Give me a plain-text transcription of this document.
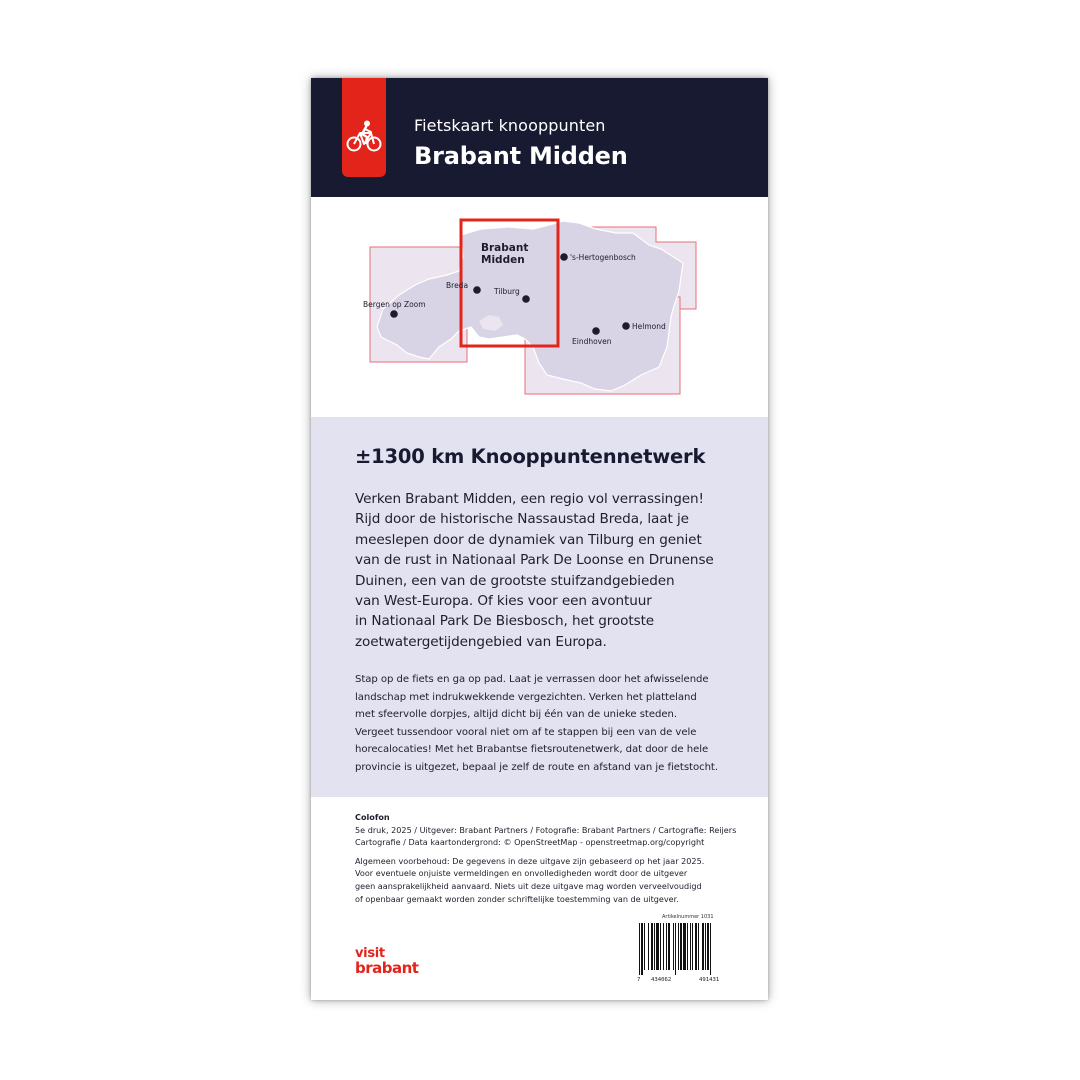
Fietskaart knooppunten
Brabant Midden
Brabant
Midden	's-Hertogenbosch
Breda
Tilburg
Bergen op Zoom
Helmond
Eindhoven
±1300 km Knooppuntennetwerk

Verken Brabant Midden, een regio vol verrassingen!
Rijd door de historische Nassaustad Breda, laat je
meeslepen door de dynamiek van Tilburg en geniet
van de rust in Nationaal Park De Loonse en Drunense
Duinen, een van de grootste stuifzandgebieden
van West-Europa. Of kies voor een avontuur
in Nationaal Park De Biesbosch, het grootste
zoetwatergetijdengebied van Europa.

Stap op de fiets en ga op pad. Laat je verrassen door het afwisselende
landschap met indrukwekkende vergezichten. Verken het platteland
met sfeervolle dorpjes, altijd dicht bij één van de unieke steden.
Vergeet tussendoor vooral niet om af te stappen bij een van de vele
horecalocaties! Met het Brabantse fietsroutenetwerk, dat door de hele
provincie is uitgezet, bepaal je zelf de route en afstand van je fietstocht.

Colofon
5e druk, 2025 / Uitgever: Brabant Partners / Fotografie: Brabant Partners / Cartografie: Reijers
Cartografie / Data kaartondergrond: © OpenStreetMap - openstreetmap.org/copyright
Algemeen voorbehoud: De gegevens in deze uitgave zijn gebaseerd op het jaar 2025.
Voor eventuele onjuiste vermeldingen en onvolledigheden wordt door de uitgever
geen aansprakelijkheid aanvaard. Niets uit deze uitgave mag worden verveelvoudigd
of openbaar gemaakt worden zonder schriftelijke toestemming van de uitgever.
Artikelnummer 1031
7 434062	491431
visit
brabant
